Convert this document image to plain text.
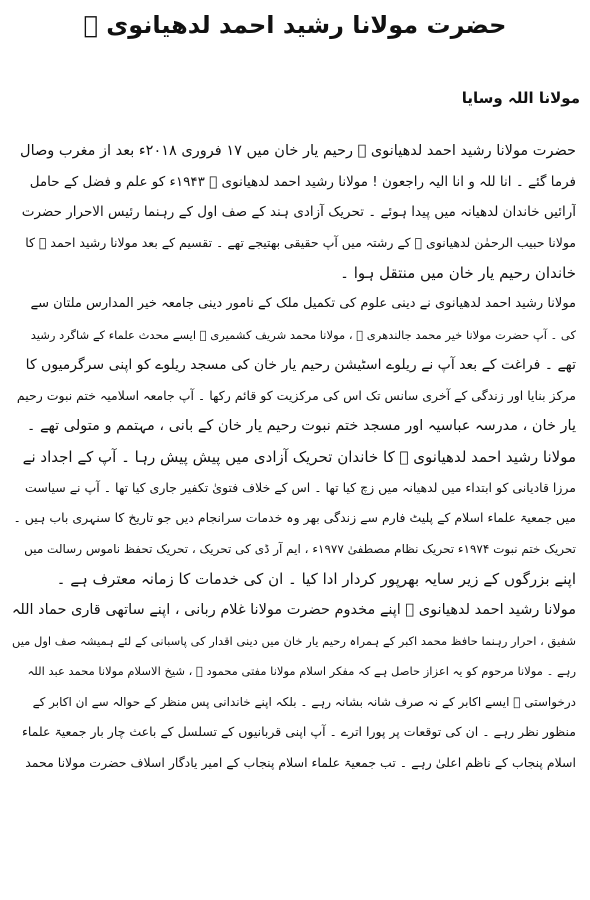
حضرت مولانا رشید احمد لدھیانوی ﷫
مولانا اللہ وسایا
حضرت مولانا رشید احمد لدھیانوی ﷫ رحیم یار خان میں ۱۷ فروری ۲۰۱۸ء بعد از مغرب وصال
فرما گئے ۔ انا للہ و انا الیہ راجعون ! مولانا رشید احمد لدھیانوی ﷫ ۱۹۴۳ء کو علم و فضل کے حامل
آرائیں خاندان لدھیانہ میں پیدا ہوئے ۔ تحریک آزادی ہند کے صف اول کے رہنما رئیس الاحرار حضرت
مولانا حبیب الرحمٰن لدھیانوی ﷫ کے رشتہ میں آپ حقیقی بھتیجے تھے ۔ تقسیم کے بعد مولانا رشید احمد ﷫ کا
خاندان رحیم یار خان میں منتقل ہوا ۔
مولانا رشید احمد لدھیانوی نے دینی علوم کی تکمیل ملک کے نامور دینی جامعہ خیر المدارس ملتان سے
کی ۔ آپ حضرت مولانا خیر محمد جالندھری ﷫ ، مولانا محمد شریف کشمیری ﷫ ایسے محدث علماء کے شاگرد رشید
تھے ۔ فراغت کے بعد آپ نے ریلوے اسٹیشن رحیم یار خان کی مسجد ریلوے کو اپنی سرگرمیوں کا
مرکز بنایا اور زندگی کے آخری سانس تک اس کی مرکزیت کو قائم رکھا ۔ آپ جامعہ اسلامیہ ختم نبوت رحیم
یار خان ، مدرسہ عباسیہ اور مسجد ختم نبوت رحیم یار خان کے بانی ، مہتمم و متولی تھے ۔
مولانا رشید احمد لدھیانوی ﷫ کا خاندان تحریک آزادی میں پیش پیش رہا ۔ آپ کے اجداد نے
مرزا قادیانی کو ابتداء میں لدھیانہ میں زچ کیا تھا ۔ اس کے خلاف فتویٰ تکفیر جاری کیا تھا ۔ آپ نے سیاست
میں جمعیۃ علماء اسلام کے پلیٹ فارم سے زندگی بھر وہ خدمات سرانجام دیں جو تاریخ کا سنہری باب ہیں ۔
تحریک ختم نبوت ۱۹۷۴ء تحریک نظام مصطفیٰ ۱۹۷۷ء ، ایم آر ڈی کی تحریک ، تحریک تحفظ ناموس رسالت میں
اپنے بزرگوں کے زیر سایہ بھرپور کردار ادا کیا ۔ ان کی خدمات کا زمانہ معترف ہے ۔
مولانا رشید احمد لدھیانوی ﷫ اپنے مخدوم حضرت مولانا غلام ربانی ، اپنے ساتھی قاری حماد اللہ
شفیق ، احرار رہنما حافظ محمد اکبر کے ہمراہ رحیم یار خان میں دینی اقدار کی پاسبانی کے لئے ہمیشہ صف اول میں
رہے ۔ مولانا مرحوم کو یہ اعزاز حاصل ہے کہ مفکر اسلام مولانا مفتی محمود ﷫ ، شیخ الاسلام مولانا محمد عبد اللہ
درخواستی ﷫ ایسے اکابر کے نہ صرف شانہ بشانہ رہے ۔ بلکہ اپنے خاندانی پس منظر کے حوالہ سے ان اکابر کے
منظور نظر رہے ۔ ان کی توقعات پر پورا اترے ۔ آپ اپنی قربانیوں کے تسلسل کے باعث چار بار جمعیۃ علماء
اسلام پنجاب کے ناظم اعلیٰ رہے ۔ تب جمعیۃ علماء اسلام پنجاب کے امیر یادگار اسلاف حضرت مولانا محمد
